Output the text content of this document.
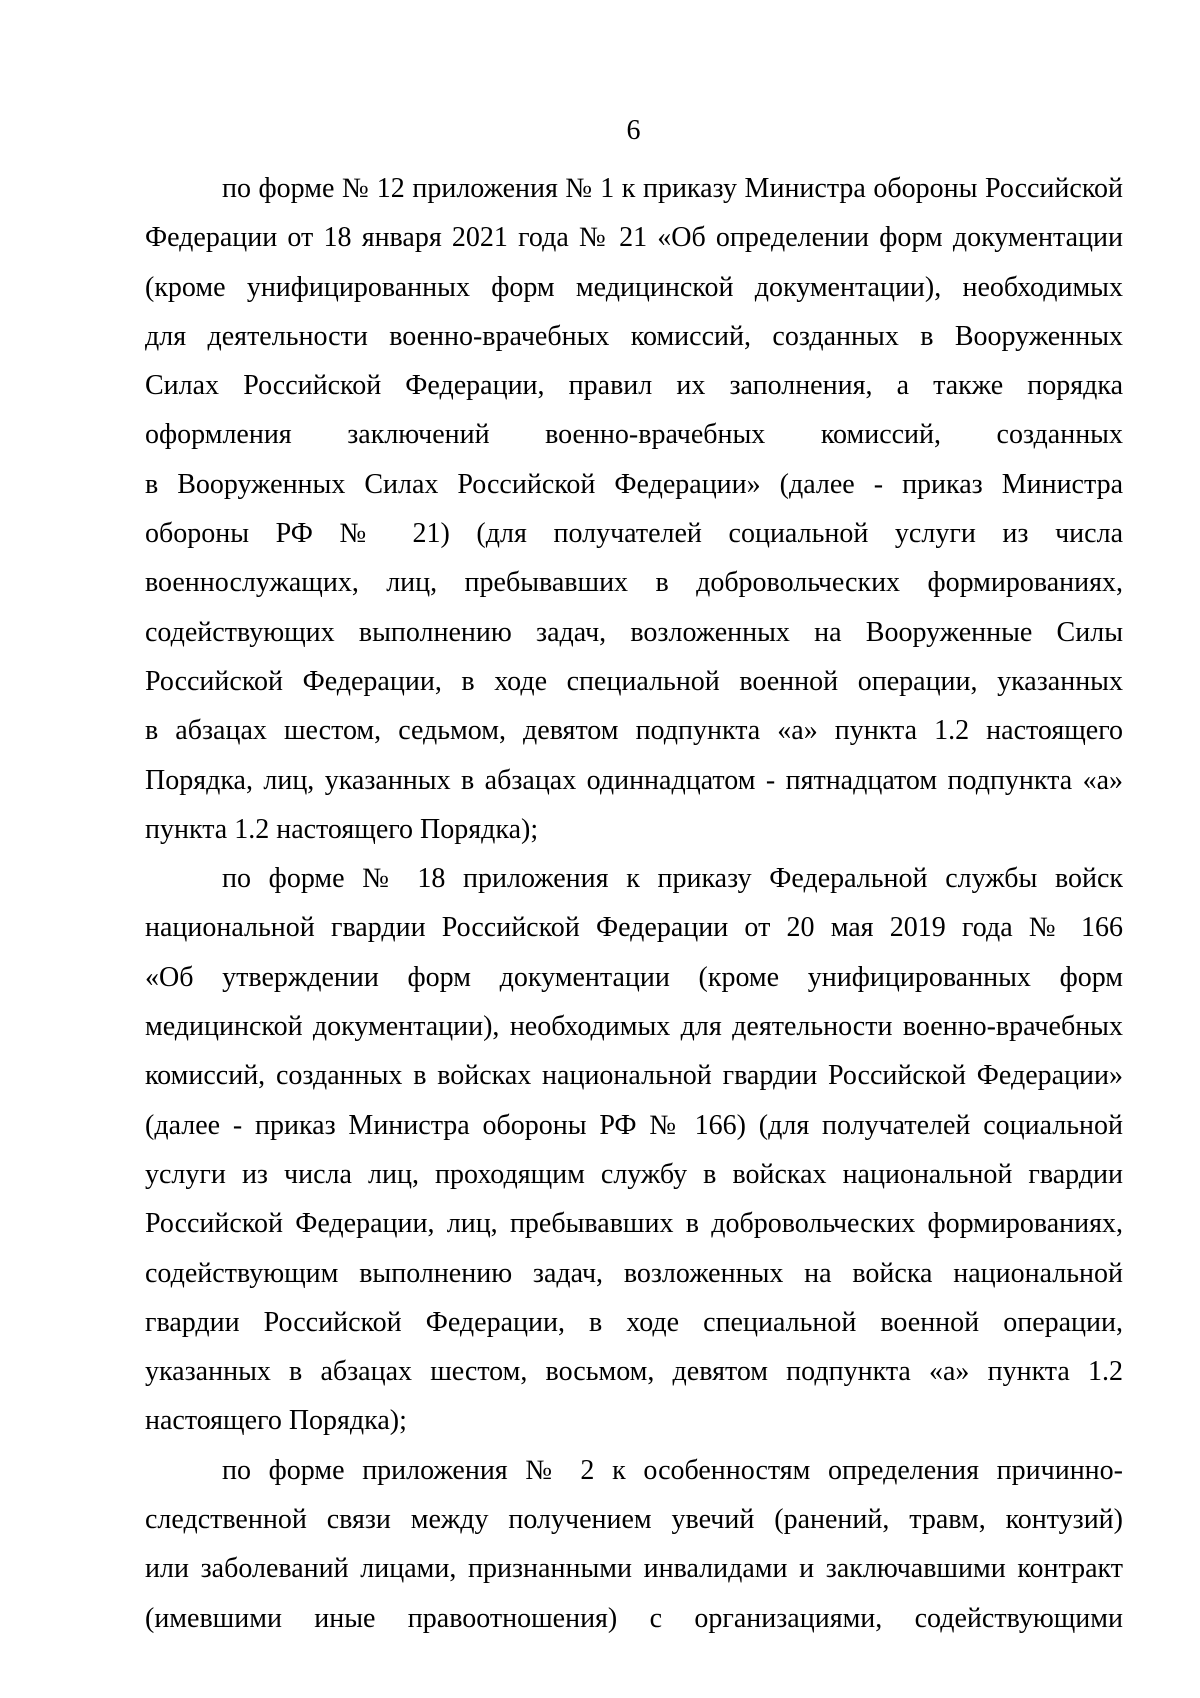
6
по форме № 12 приложения № 1 к приказу Министра обороны Российской
Федерации от 18 января 2021 года № 21 «Об определении форм документации
(кроме унифицированных форм медицинской документации), необходимых
для деятельности военно-врачебных комиссий, созданных в Вооруженных
Силах Российской Федерации, правил их заполнения, а также порядка
оформления заключений военно-врачебных комиссий, созданных
в Вооруженных Силах Российской Федерации» (далее - приказ Министра
обороны РФ № 21) (для получателей социальной услуги из числа
военнослужащих, лиц, пребывавших в добровольческих формированиях,
содействующих выполнению задач, возложенных на Вооруженные Силы
Российской Федерации, в ходе специальной военной операции, указанных
в абзацах шестом, седьмом, девятом подпункта «а» пункта 1.2 настоящего
Порядка, лиц, указанных в абзацах одиннадцатом - пятнадцатом подпункта «а»
пункта 1.2 настоящего Порядка);
по форме № 18 приложения к приказу Федеральной службы войск
национальной гвардии Российской Федерации от 20 мая 2019 года № 166
«Об утверждении форм документации (кроме унифицированных форм
медицинской документации), необходимых для деятельности военно-врачебных
комиссий, созданных в войсках национальной гвардии Российской Федерации»
(далее - приказ Министра обороны РФ № 166) (для получателей социальной
услуги из числа лиц, проходящим службу в войсках национальной гвардии
Российской Федерации, лиц, пребывавших в добровольческих формированиях,
содействующим выполнению задач, возложенных на войска национальной
гвардии Российской Федерации, в ходе специальной военной операции,
указанных в абзацах шестом, восьмом, девятом подпункта «а» пункта 1.2
настоящего Порядка);
по форме приложения № 2 к особенностям определения причинно-
следственной связи между получением увечий (ранений, травм, контузий)
или заболеваний лицами, признанными инвалидами и заключавшими контракт
(имевшими иные правоотношения) с организациями, содействующими
